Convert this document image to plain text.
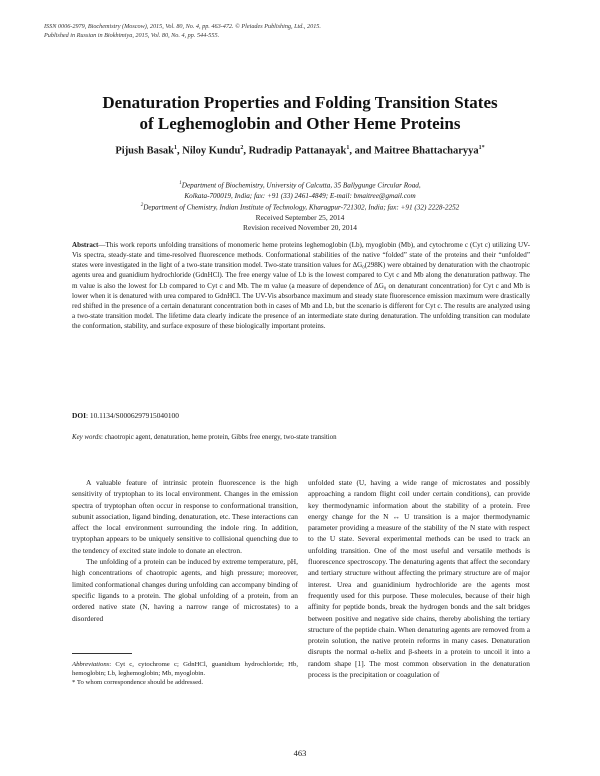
ISSN 0006-2979, Biochemistry (Moscow), 2015, Vol. 80, No. 4, pp. 463-472. © Pleiades Publishing, Ltd., 2015.
Published in Russian in Biokhimiya, 2015, Vol. 80, No. 4, pp. 544-555.
Denaturation Properties and Folding Transition States
of Leghemoglobin and Other Heme Proteins
Pijush Basak$^1$, Niloy Kundu$^2$, Rudradip Pattanayak$^1$, and Maitree Bhattacharyya$^{1*}$
$^1$Department of Biochemistry, University of Calcutta, 35 Ballygunge Circular Road,
Kolkata-700019, India; fax: +91 (33) 2461-4849; E-mail: bmaitree@gmail.com
$^2$Department of Chemistry, Indian Institute of Technology, Kharagpur-721302, India; fax: +91 (32) 2228-2252
Received September 25, 2014
Revision received November 20, 2014
Abstract—This work reports unfolding transitions of monomeric heme proteins leghemoglobin (Lb), myoglobin (Mb), and cytochrome c (Cyt c) utilizing UV-Vis spectra, steady-state and time-resolved fluorescence methods. Conformational stabilities of the native “folded” state of the proteins and their “unfolded” states were investigated in the light of a two-state transition model. Two-state transition values for ΔG₀(298K) were obtained by denaturation with the chaotropic agents urea and guanidium hydrochloride (GdnHCl). The free energy value of Lb is the lowest compared to Cyt c and Mb along the denaturation pathway. The m value is also the lowest for Lb compared to Cyt c and Mb. The m value (a measure of dependence of ΔG₀ on denaturant concentration) for Cyt c and Mb is lower when it is denatured with urea compared to GdnHCl. The UV-Vis absorbance maximum and steady state fluorescence emission maximum were drastically red shifted in the presence of a certain denaturant concentration both in cases of Mb and Lb, but the scenario is different for Cyt c. The results are analyzed using a two-state transition model. The lifetime data clearly indicate the presence of an intermediate state during denaturation. The unfolding transition can modulate the conformation, stability, and surface exposure of these biologically important proteins.
DOI: 10.1134/S0006297915040100
Key words: chaotropic agent, denaturation, heme protein, Gibbs free energy, two-state transition

A valuable feature of intrinsic protein fluorescence is the high sensitivity of tryptophan to its local environment. Changes in the emission spectra of tryptophan often occur in response to conformational transition, subunit association, ligand binding, denaturation, etc. These interactions can affect the local environment surrounding the indole ring. In addition, tryptophan appears to be uniquely sensitive to collisional quenching due to the tendency of excited state indole to donate an electron.

The unfolding of a protein can be induced by extreme temperature, pH, high concentrations of chaotropic agents, and high pressure; moreover, limited conformational changes during unfolding can accompany binding of specific ligands to a protein. The global unfolding of a protein, from an ordered native state (N, having a narrow range of microstates) to a disordered

unfolded state (U, having a wide range of microstates and possibly approaching a random flight coil under certain conditions), can provide key thermodynamic information about the stability of a protein. Free energy change for the N ↔ U transition is a major thermodynamic parameter providing a measure of the stability of the N state with respect to the U state. Several experimental methods can be used to track an unfolding transition. One of the most useful and versatile methods is fluorescence spectroscopy. The denaturing agents that affect the secondary and tertiary structure without affecting the primary structure are of major interest. Urea and guanidinium hydrochloride are the agents most frequently used for this purpose. These molecules, because of their high affinity for peptide bonds, break the hydrogen bonds and the salt bridges between positive and negative side chains, thereby abolishing the tertiary structure of the peptide chain. When denaturing agents are removed from a protein solution, the native protein reforms in many cases. Denaturation disrupts the normal α-helix and β-sheets in a protein to uncoil it into a random shape [1]. The most common observation in the denaturation process is the precipitation or coagulation of

Abbreviations: Cyt c, cytochrome c; GdnHCl, guanidium hydrochloride; Hb, hemoglobin; Lb, leghemoglobin; Mb, myoglobin.

* To whom correspondence should be addressed.

463
